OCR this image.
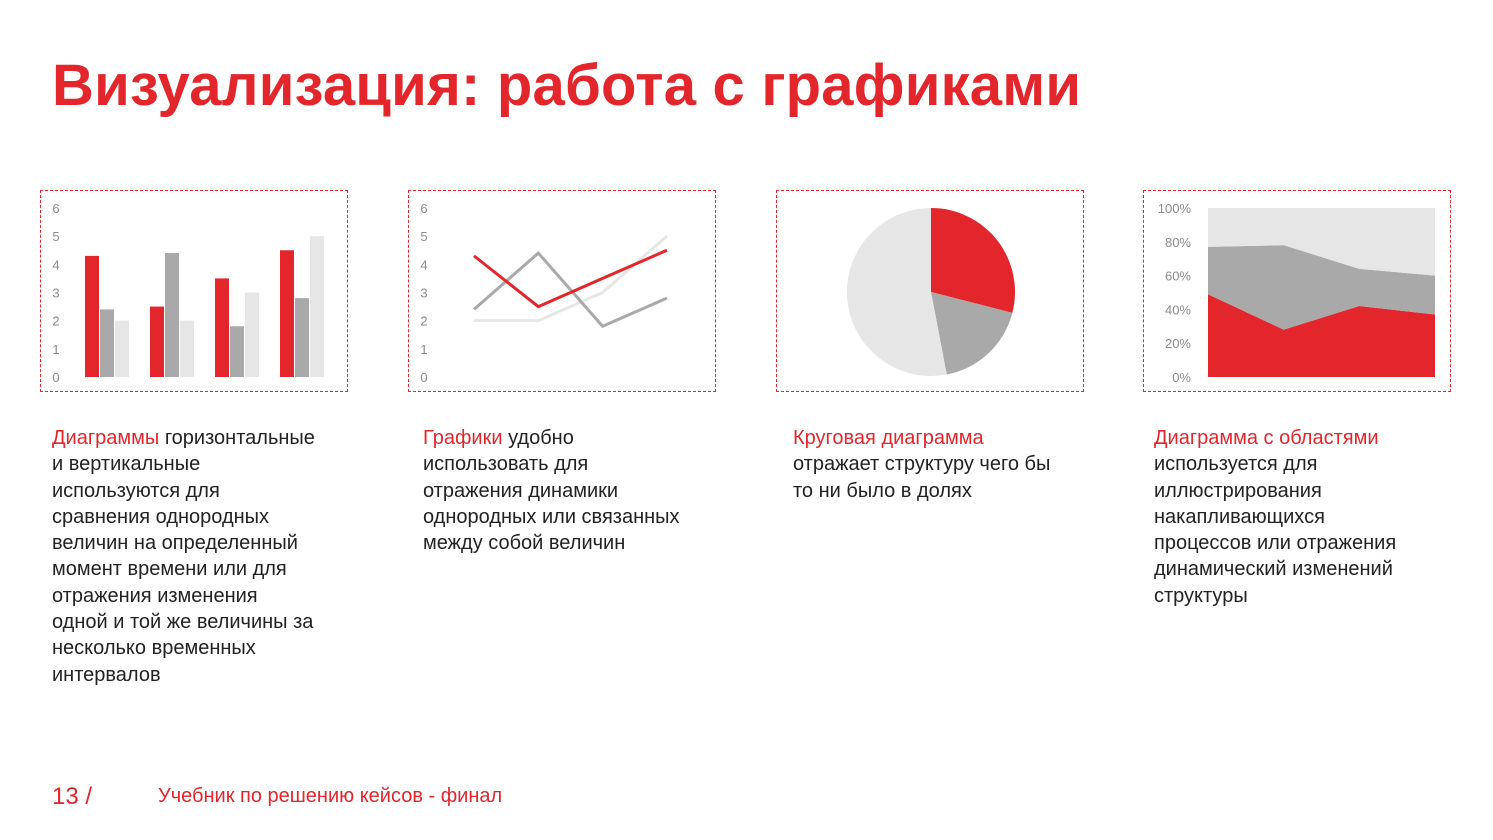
Визуализация: работа с графиками
0
1
2
3
4
5
6
0
1
2
3
4
5
6
0%
20%
40%
60%
80%
100%
Диаграммы горизонтальные
и вертикальные
используются для
сравнения однородных
величин на определенный
момент времени или для
отражения изменения
одной и той же величины за
несколько временных
интервалов
Графики удобно
использовать для
отражения динамики
однородных или связанных
между собой величин
Круговая диаграмма
отражает структуру чего бы
то ни было в долях
Диаграмма с областями
используется для
иллюстрирования
накапливающихся
процессов или отражения
динамический изменений
структуры
13 /	Учебник по решению кейсов - финал
